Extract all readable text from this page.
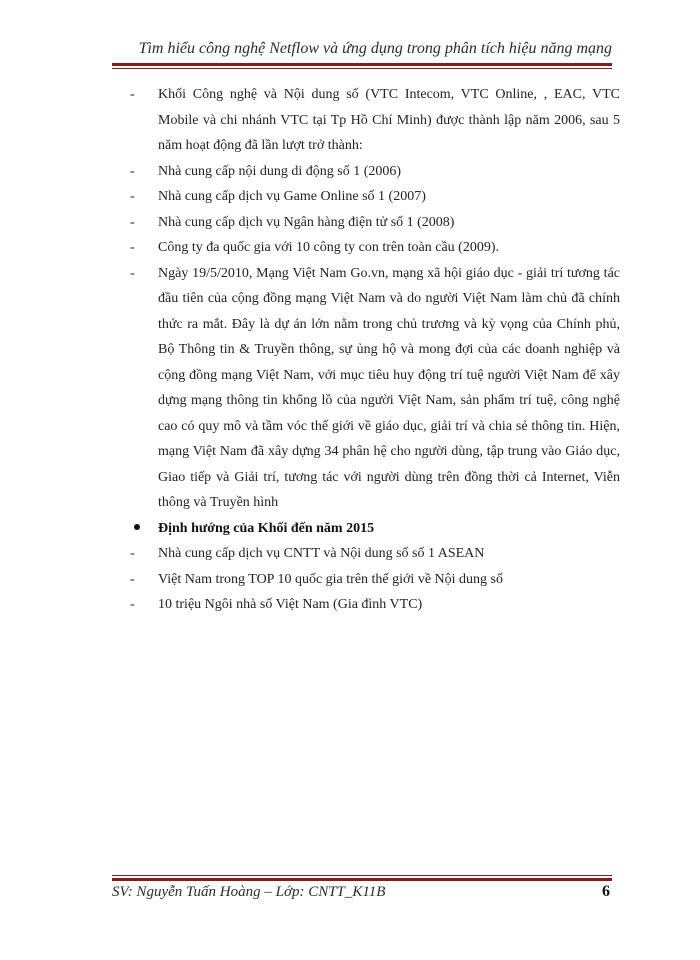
Tìm hiểu công nghệ Netflow và ứng dụng trong phân tích hiệu năng mạng
-	Khối Công nghệ và Nội dung số (VTC Intecom, VTC Online, , EAC, VTC Mobile và chi nhánh VTC tại Tp Hồ Chí Minh) được thành lập năm 2006, sau 5 năm hoạt động đã lần lượt trở thành:
-	Nhà cung cấp nội dung di động số 1 (2006)
-	Nhà cung cấp dịch vụ Game Online số 1 (2007)
-	Nhà cung cấp dịch vụ Ngân hàng điện tử số 1 (2008)
-	Công ty đa quốc gia với 10 công ty con trên toàn cầu (2009).
-	Ngày 19/5/2010, Mạng Việt Nam Go.vn, mạng xã hội giáo dục - giải trí tương tác đầu tiên của cộng đồng mạng Việt Nam và do người Việt Nam làm chủ đã chính thức ra mắt. Đây là dự án lớn nằm trong chủ trương và kỳ vọng của Chính phủ, Bộ Thông tin & Truyền thông, sự ủng hộ và mong đợi của các doanh nghiệp và cộng đồng mạng Việt Nam, với mục tiêu huy động trí tuệ người Việt Nam để xây dựng mạng thông tin khổng lồ của người Việt Nam, sản phẩm trí tuệ, công nghệ cao có quy mô và tầm vóc thế giới về giáo dục, giải trí và chia sẻ thông tin. Hiện, mạng Việt Nam đã xây dựng 34 phân hệ cho người dùng, tập trung vào Giáo dục, Giao tiếp và Giải trí, tương tác với người dùng trên đồng thời cả Internet, Viễn thông và Truyền hình
Định hướng của Khối đến năm 2015
-	Nhà cung cấp dịch vụ CNTT và Nội dung số số 1 ASEAN
-	Việt Nam trong TOP 10 quốc gia trên thế giới về Nội dung số
-	10 triệu Ngôi nhà số Việt Nam (Gia đình VTC)
SV: Nguyễn Tuấn Hoàng – Lớp: CNTT_K11B	6
